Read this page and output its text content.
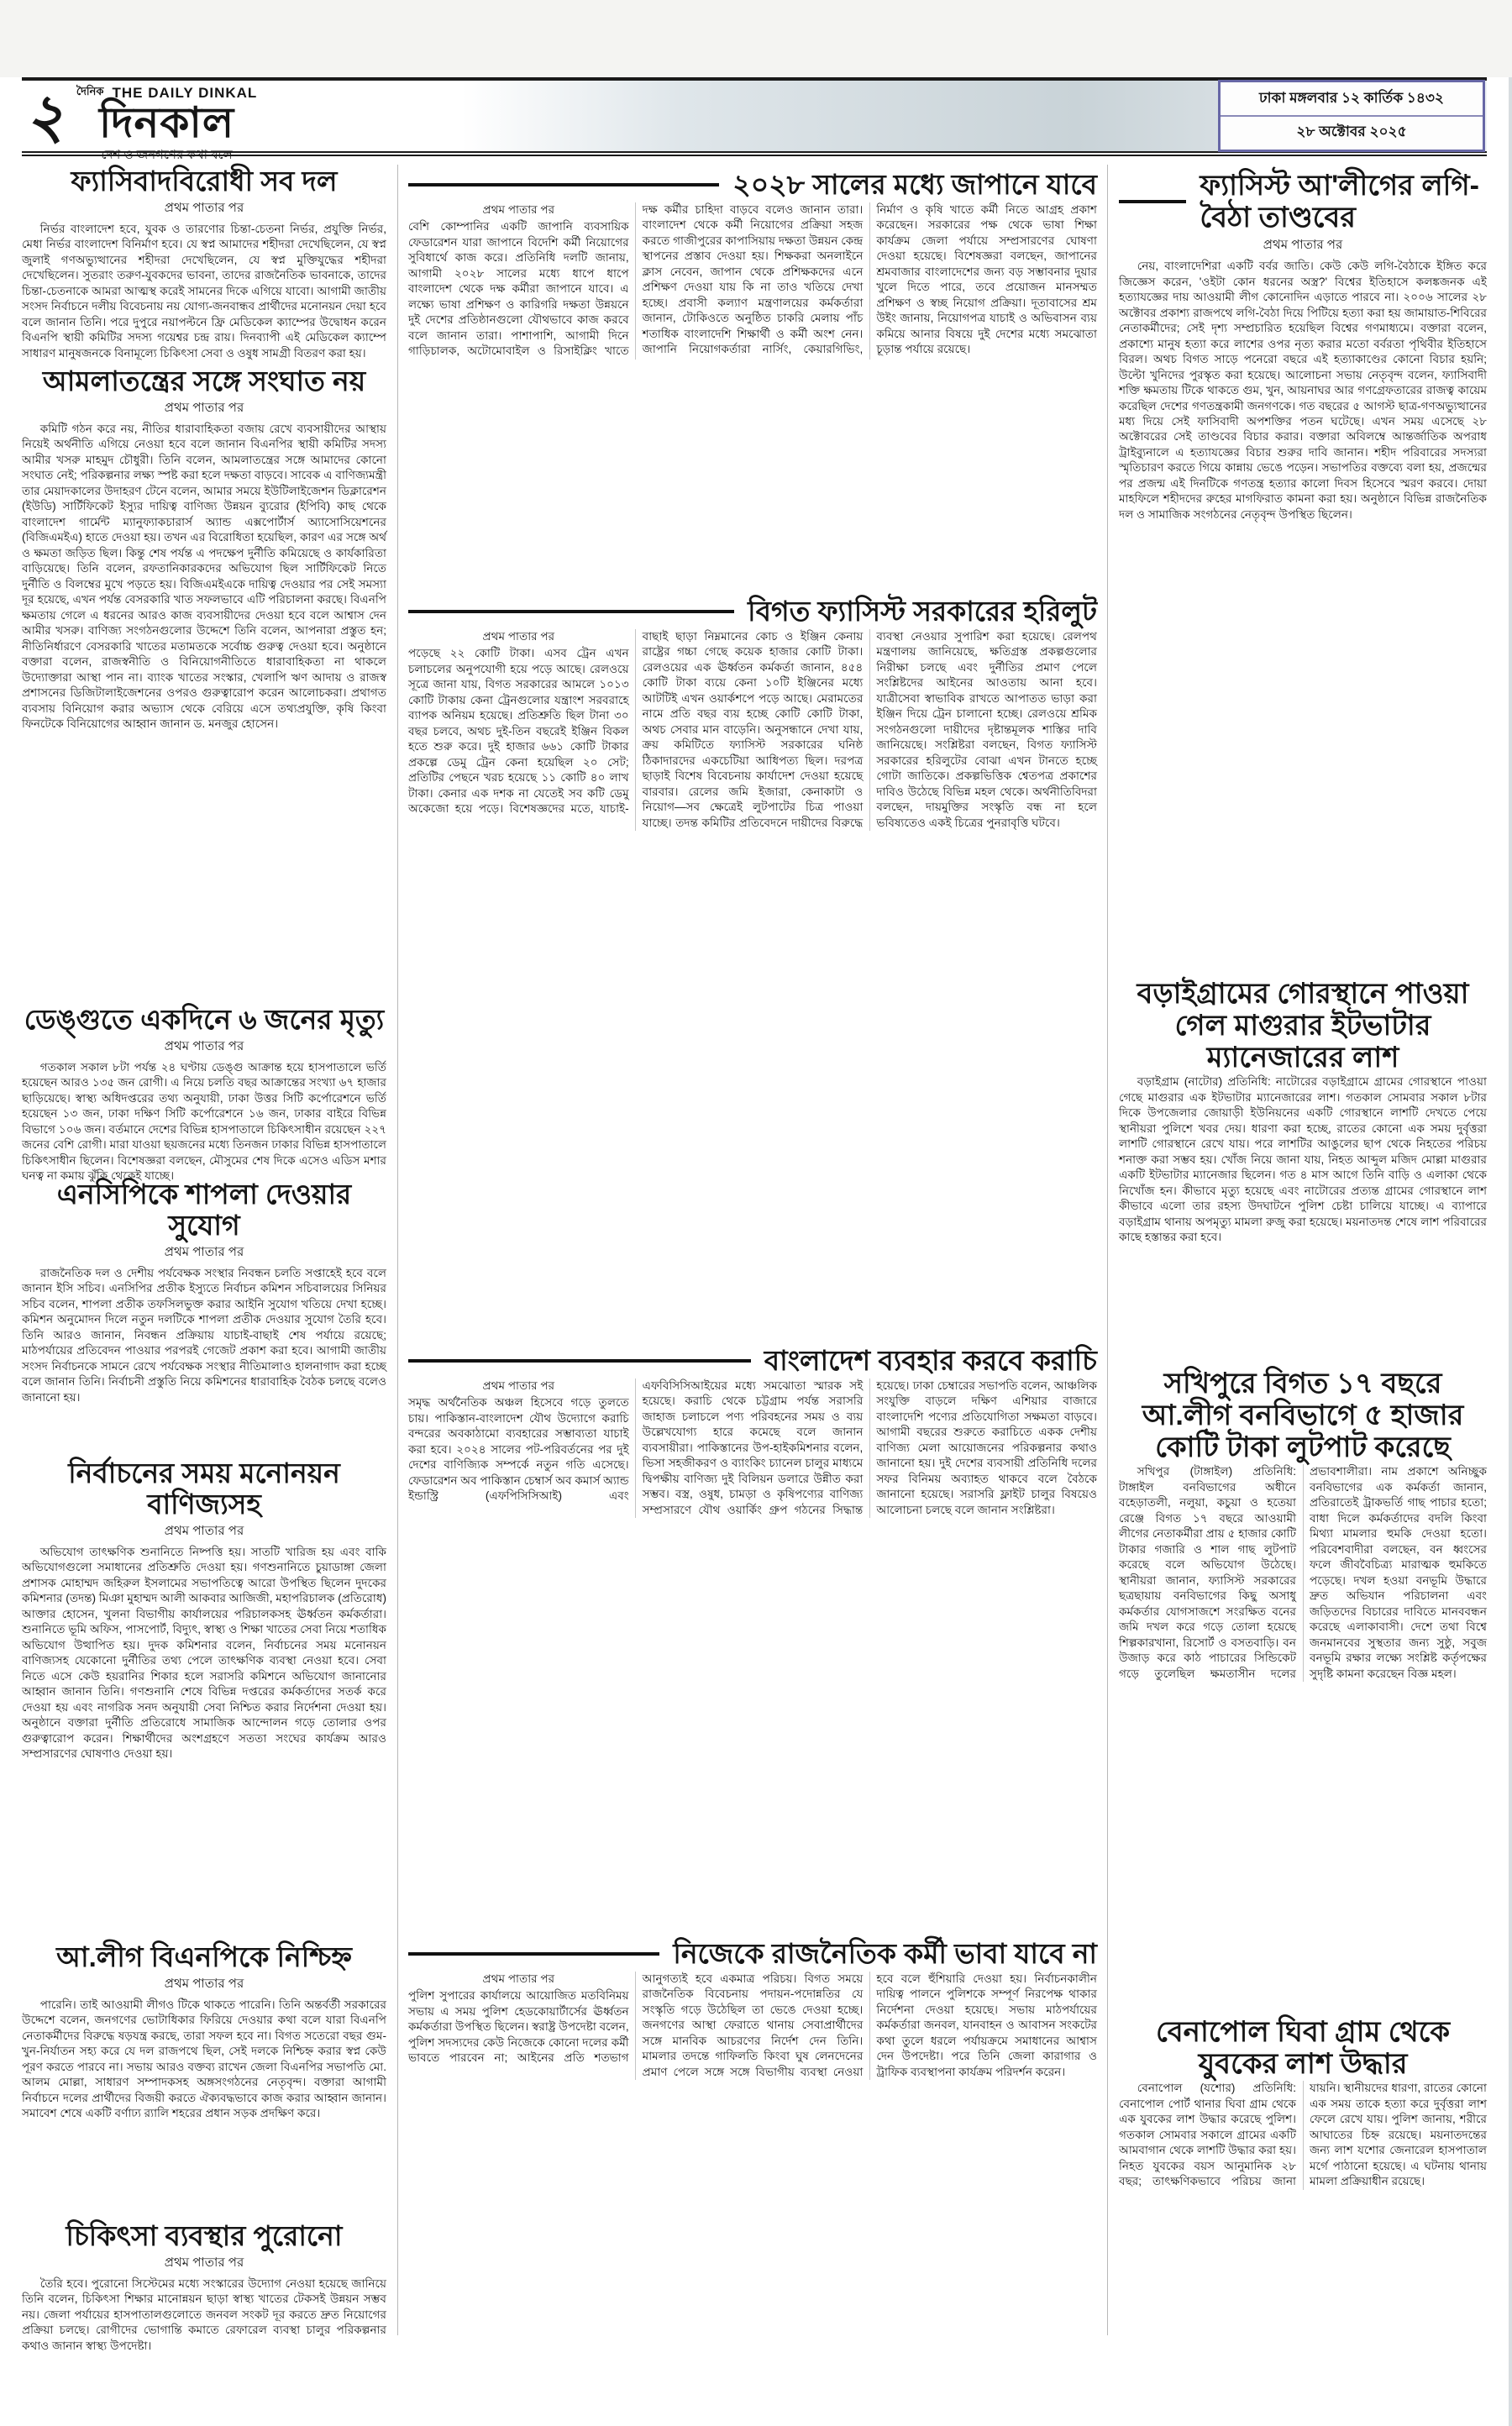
২	দৈনিক THE DAILY DINKAL
দিনকাল
দেশ ও জনগণের কথা বলে
ঢাকা মঙ্গলবার ১২ কার্তিক ১৪৩২
২৮ অক্টোবর ২০২৫
ফ্যাসিবাদবিরোধী সব দল
প্রথম পাতার পর
নির্ভর বাংলাদেশ হবে, যুবক ও তারণোর চিন্তা-চেতনা নির্ভর, প্রযুক্তি নির্ভর, মেধা নির্ভর বাংলাদেশ বিনির্মাণ হবে। যে স্বপ্ন আমাদের শহীদরা দেখেছিলেন, যে স্বপ্ন জুলাই গণঅভ্যুত্থানের শহীদরা দেখেছিলেন, যে স্বপ্ন মুক্তিযুদ্ধের শহীদরা দেখেছিলেন। সুতরাং তরুণ-যুবকদের ভাবনা, তাদের রাজনৈতিক ভাবনাকে, তাদের চিন্তা-চেতনাকে আমরা আত্মস্থ করেই সামনের দিকে এগিয়ে যাবো। আগামী জাতীয় সংসদ নির্বাচনে দলীয় বিবেচনায় নয় যোগ্য-জনবান্ধব প্রার্থীদের মনোনয়ন দেয়া হবে বলে জানান তিনি। পরে দুপুরে নয়াপল্টনে ফ্রি মেডিকেল ক্যাম্পের উদ্বোধন করেন বিএনপি স্থায়ী কমিটির সদস্য গয়েশ্বর চন্দ্র রায়। দিনব্যাপী এই মেডিকেল ক্যাম্পে সাধারণ মানুষজনকে বিনামূল্যে চিকিৎসা সেবা ও ওষুধ সামগ্রী বিতরণ করা হয়।
আমলাতন্ত্রের সঙ্গে সংঘাত নয়
প্রথম পাতার পর
কমিটি গঠন করে নয়, নীতির ধারাবাহিকতা বজায় রেখে ব্যবসায়ীদের আস্থায় নিয়েই অর্থনীতি এগিয়ে নেওয়া হবে বলে জানান বিএনপির স্থায়ী কমিটির সদস্য আমীর খসরু মাহমুদ চৌধুরী। তিনি বলেন, আমলাতন্ত্রের সঙ্গে আমাদের কোনো সংঘাত নেই; পরিকল্পনার লক্ষ্য স্পষ্ট করা হলে দক্ষতা বাড়বে। সাবেক এ বাণিজ্যমন্ত্রী তার মেয়াদকালের উদাহরণ টেনে বলেন, আমার সময়ে ইউটিলাইজেশন ডিক্লারেশন (ইউডি) সার্টিফিকেট ইস্যুর দায়িত্ব বাণিজ্য উন্নয়ন ব্যুরোর (ইপিবি) কাছ থেকে বাংলাদেশ গার্মেন্ট ম্যানুফ্যাকচারার্স অ্যান্ড এক্সপোর্টার্স অ্যাসোসিয়েশনের (বিজিএমইএ) হাতে দেওয়া হয়। তখন এর বিরোধিতা হয়েছিল, কারণ এর সঙ্গে অর্থ ও ক্ষমতা জড়িত ছিল। কিন্তু শেষ পর্যন্ত এ পদক্ষেপ দুর্নীতি কমিয়েছে ও কার্যকারিতা বাড়িয়েছে। তিনি বলেন, রফতানিকারকদের অভিযোগ ছিল সার্টিফিকেট নিতে দুর্নীতি ও বিলম্বের মুখে পড়তে হয়। বিজিএমইএকে দায়িত্ব দেওয়ার পর সেই সমস্যা দূর হয়েছে, এখন পর্যন্ত বেসরকারি খাত সফলভাবে এটি পরিচালনা করছে। বিএনপি ক্ষমতায় গেলে এ ধরনের আরও কাজ ব্যবসায়ীদের দেওয়া হবে বলে আশ্বাস দেন আমীর খসরু। বাণিজ্য সংগঠনগুলোর উদ্দেশে তিনি বলেন, আপনারা প্রস্তুত হন; নীতিনির্ধারণে বেসরকারি খাতের মতামতকে সর্বোচ্চ গুরুত্ব দেওয়া হবে। অনুষ্ঠানে বক্তারা বলেন, রাজস্বনীতি ও বিনিয়োগনীতিতে ধারাবাহিকতা না থাকলে উদ্যোক্তারা আস্থা পান না। ব্যাংক খাতের সংস্কার, খেলাপি ঋণ আদায় ও রাজস্ব প্রশাসনের ডিজিটালাইজেশনের ওপরও গুরুত্বারোপ করেন আলোচকরা। প্রথাগত ব্যবসায় বিনিয়োগ করার অভ্যাস থেকে বেরিয়ে এসে তথ্যপ্রযুক্তি, কৃষি কিংবা ফিনটেকে বিনিয়োগের আহ্বান জানান ড. মনজুর হোসেন।
ডেঙ্গুতে একদিনে ৬ জনের মৃত্যু
প্রথম পাতার পর
গতকাল সকাল ৮টা পর্যন্ত ২৪ ঘণ্টায় ডেঙ্গু আক্রান্ত হয়ে হাসপাতালে ভর্তি হয়েছেন আরও ১৩৫ জন রোগী। এ নিয়ে চলতি বছর আক্রান্তের সংখ্যা ৬৭ হাজার ছাড়িয়েছে। স্বাস্থ্য অধিদপ্তরের তথ্য অনুযায়ী, ঢাকা উত্তর সিটি কর্পোরেশনে ভর্তি হয়েছেন ১৩ জন, ঢাকা দক্ষিণ সিটি কর্পোরেশনে ১৬ জন, ঢাকার বাইরে বিভিন্ন বিভাগে ১০৬ জন। বর্তমানে দেশের বিভিন্ন হাসপাতালে চিকিৎসাধীন রয়েছেন ২২৭ জনের বেশি রোগী। মারা যাওয়া ছয়জনের মধ্যে তিনজন ঢাকার বিভিন্ন হাসপাতালে চিকিৎসাধীন ছিলেন। বিশেষজ্ঞরা বলছেন, মৌসুমের শেষ দিকে এসেও এডিস মশার ঘনত্ব না কমায় ঝুঁকি থেকেই যাচ্ছে।
এনসিপিকে শাপলা দেওয়ার সুযোগ
প্রথম পাতার পর
রাজনৈতিক দল ও দেশীয় পর্যবেক্ষক সংস্থার নিবন্ধন চলতি সপ্তাহেই হবে বলে জানান ইসি সচিব। এনসিপির প্রতীক ইস্যুতে নির্বাচন কমিশন সচিবালয়ের সিনিয়র সচিব বলেন, শাপলা প্রতীক তফসিলভুক্ত করার আইনি সুযোগ খতিয়ে দেখা হচ্ছে। কমিশন অনুমোদন দিলে নতুন দলটিকে শাপলা প্রতীক দেওয়ার সুযোগ তৈরি হবে। তিনি আরও জানান, নিবন্ধন প্রক্রিয়ায় যাচাই-বাছাই শেষ পর্যায়ে রয়েছে; মাঠপর্যায়ের প্রতিবেদন পাওয়ার পরপরই গেজেট প্রকাশ করা হবে। আগামী জাতীয় সংসদ নির্বাচনকে সামনে রেখে পর্যবেক্ষক সংস্থার নীতিমালাও হালনাগাদ করা হচ্ছে বলে জানান তিনি। নির্বাচনী প্রস্তুতি নিয়ে কমিশনের ধারাবাহিক বৈঠক চলছে বলেও জানানো হয়।
নির্বাচনের সময় মনোনয়ন বাণিজ্যসহ
প্রথম পাতার পর
অভিযোগ তাৎক্ষণিক শুনানিতে নিষ্পত্তি হয়। সাতটি খারিজ হয় এবং বাকি অভিযোগগুলো সমাধানের প্রতিশ্রুতি দেওয়া হয়। গণশুনানিতে চুয়াডাঙ্গা জেলা প্রশাসক মোহাম্মদ জহিরুল ইসলামের সভাপতিত্বে আরো উপস্থিত ছিলেন দুদকের কমিশনার (তদন্ত) মিঞা মুহাম্মদ আলী আকবার আজিজী, মহাপরিচালক (প্রতিরোধ) আক্তার হোসেন, খুলনা বিভাগীয় কার্যালয়ের পরিচালকসহ ঊর্ধ্বতন কর্মকর্তারা। শুনানিতে ভূমি অফিস, পাসপোর্ট, বিদ্যুৎ, স্বাস্থ্য ও শিক্ষা খাতের সেবা নিয়ে শতাধিক অভিযোগ উত্থাপিত হয়। দুদক কমিশনার বলেন, নির্বাচনের সময় মনোনয়ন বাণিজ্যসহ যেকোনো দুর্নীতির তথ্য পেলে তাৎক্ষণিক ব্যবস্থা নেওয়া হবে। সেবা নিতে এসে কেউ হয়রানির শিকার হলে সরাসরি কমিশনে অভিযোগ জানানোর আহ্বান জানান তিনি। গণশুনানি শেষে বিভিন্ন দপ্তরের কর্মকর্তাদের সতর্ক করে দেওয়া হয় এবং নাগরিক সনদ অনুযায়ী সেবা নিশ্চিত করার নির্দেশনা দেওয়া হয়। অনুষ্ঠানে বক্তারা দুর্নীতি প্রতিরোধে সামাজিক আন্দোলন গড়ে তোলার ওপর গুরুত্বারোপ করেন। শিক্ষার্থীদের অংশগ্রহণে সততা সংঘের কার্যক্রম আরও সম্প্রসারণের ঘোষণাও দেওয়া হয়।
আ.লীগ বিএনপিকে নিশ্চিহ্ন
প্রথম পাতার পর
পারেনি। তাই আওয়ামী লীগও টিকে থাকতে পারেনি। তিনি অন্তর্বর্তী সরকারের উদ্দেশে বলেন, জনগণের ভোটাধিকার ফিরিয়ে দেওয়ার কথা বলে যারা বিএনপি নেতাকর্মীদের বিরুদ্ধে ষড়যন্ত্র করছে, তারা সফল হবে না। বিগত সতেরো বছর গুম-খুন-নির্যাতন সহ্য করে যে দল রাজপথে ছিল, সেই দলকে নিশ্চিহ্ন করার স্বপ্ন কেউ পূরণ করতে পারবে না। সভায় আরও বক্তব্য রাখেন জেলা বিএনপির সভাপতি মো. আলম মোল্লা, সাধারণ সম্পাদকসহ অঙ্গসংগঠনের নেতৃবৃন্দ। বক্তারা আগামী নির্বাচনে দলের প্রার্থীদের বিজয়ী করতে ঐক্যবদ্ধভাবে কাজ করার আহ্বান জানান। সমাবেশ শেষে একটি বর্ণাঢ্য র‌্যালি শহরের প্রধান সড়ক প্রদক্ষিণ করে।
চিকিৎসা ব্যবস্থার পুরোনো
প্রথম পাতার পর
তৈরি হবে। পুরোনো সিস্টেমের মধ্যে সংস্কারের উদ্যোগ নেওয়া হয়েছে জানিয়ে তিনি বলেন, চিকিৎসা শিক্ষার মানোন্নয়ন ছাড়া স্বাস্থ্য খাতের টেকসই উন্নয়ন সম্ভব নয়। জেলা পর্যায়ের হাসপাতালগুলোতে জনবল সংকট দূর করতে দ্রুত নিয়োগের প্রক্রিয়া চলছে। রোগীদের ভোগান্তি কমাতে রেফারেল ব্যবস্থা চালুর পরিকল্পনার কথাও জানান স্বাস্থ্য উপদেষ্টা।
২০২৮ সালের মধ্যে জাপানে যাবে
প্রথম পাতার পর
বেশি কোম্পানির একটি জাপানি ব্যবসায়িক ফেডারেশন যারা জাপানে বিদেশি কর্মী নিয়োগের সুবিধার্থে কাজ করে। প্রতিনিধি দলটি জানায়, আগামী ২০২৮ সালের মধ্যে ধাপে ধাপে বাংলাদেশ থেকে দক্ষ কর্মীরা জাপানে যাবে। এ লক্ষ্যে ভাষা প্রশিক্ষণ ও কারিগরি দক্ষতা উন্নয়নে দুই দেশের প্রতিষ্ঠানগুলো যৌথভাবে কাজ করবে বলে জানান তারা। পাশাপাশি, আগামী দিনে গাড়িচালক, অটোমোবাইল ও রিসাইক্লিং খাতে দক্ষ কর্মীর চাহিদা বাড়বে বলেও জানান তারা। বাংলাদেশ থেকে কর্মী নিয়োগের প্রক্রিয়া সহজ করতে গাজীপুরের কাপাসিয়ায় দক্ষতা উন্নয়ন কেন্দ্র স্থাপনের প্রস্তাব দেওয়া হয়। শিক্ষকরা অনলাইনে ক্লাস নেবেন, জাপান থেকে প্রশিক্ষকদের এনে প্রশিক্ষণ দেওয়া যায় কি না তাও খতিয়ে দেখা হচ্ছে। প্রবাসী কল্যাণ মন্ত্রণালয়ের কর্মকর্তারা জানান, টোকিওতে অনুষ্ঠিত চাকরি মেলায় পাঁচ শতাধিক বাংলাদেশি শিক্ষার্থী ও কর্মী অংশ নেন। জাপানি নিয়োগকর্তারা নার্সিং, কেয়ারগিভিং, নির্মাণ ও কৃষি খাতে কর্মী নিতে আগ্রহ প্রকাশ করেছেন। সরকারের পক্ষ থেকে ভাষা শিক্ষা কার্যক্রম জেলা পর্যায়ে সম্প্রসারণের ঘোষণা দেওয়া হয়েছে। বিশেষজ্ঞরা বলছেন, জাপানের শ্রমবাজার বাংলাদেশের জন্য বড় সম্ভাবনার দুয়ার খুলে দিতে পারে, তবে প্রয়োজন মানসম্মত প্রশিক্ষণ ও স্বচ্ছ নিয়োগ প্রক্রিয়া। দূতাবাসের শ্রম উইং জানায়, নিয়োগপত্র যাচাই ও অভিবাসন ব্যয় কমিয়ে আনার বিষয়ে দুই দেশের মধ্যে সমঝোতা চূড়ান্ত পর্যায়ে রয়েছে।
বিগত ফ্যাসিস্ট সরকারের হরিলুট
প্রথম পাতার পর
পড়েছে ২২ কোটি টাকা। এসব ট্রেন এখন চলাচলের অনুপযোগী হয়ে পড়ে আছে। রেলওয়ে সূত্রে জানা যায়, বিগত সরকারের আমলে ১০১৩ কোটি টাকায় কেনা ট্রেনগুলোর যন্ত্রাংশ সরবরাহে ব্যাপক অনিয়ম হয়েছে। প্রতিশ্রুতি ছিল টানা ৩০ বছর চলবে, অথচ দুই-তিন বছরেই ইঞ্জিন বিকল হতে শুরু করে। দুই হাজার ৬৬১ কোটি টাকার প্রকল্পে ডেমু ট্রেন কেনা হয়েছিল ২০ সেট; প্রতিটির পেছনে খরচ হয়েছে ১১ কোটি ৪০ লাখ টাকা। কেনার এক দশক না যেতেই সব কটি ডেমু অকেজো হয়ে পড়ে। বিশেষজ্ঞদের মতে, যাচাই-বাছাই ছাড়া নিম্নমানের কোচ ও ইঞ্জিন কেনায় রাষ্ট্রের গচ্চা গেছে কয়েক হাজার কোটি টাকা। রেলওয়ের এক ঊর্ধ্বতন কর্মকর্তা জানান, ৪৫৪ কোটি টাকা ব্যয়ে কেনা ১০টি ইঞ্জিনের মধ্যে আটটিই এখন ওয়ার্কশপে পড়ে আছে। মেরামতের নামে প্রতি বছর ব্যয় হচ্ছে কোটি কোটি টাকা, অথচ সেবার মান বাড়েনি। অনুসন্ধানে দেখা যায়, ক্রয় কমিটিতে ফ্যাসিস্ট সরকারের ঘনিষ্ঠ ঠিকাদারদের একচেটিয়া আধিপত্য ছিল। দরপত্র ছাড়াই বিশেষ বিবেচনায় কার্যাদেশ দেওয়া হয়েছে বারবার। রেলের জমি ইজারা, কেনাকাটা ও নিয়োগ—সব ক্ষেত্রেই লুটপাটের চিত্র পাওয়া যাচ্ছে। তদন্ত কমিটির প্রতিবেদনে দায়ীদের বিরুদ্ধে ব্যবস্থা নেওয়ার সুপারিশ করা হয়েছে। রেলপথ মন্ত্রণালয় জানিয়েছে, ক্ষতিগ্রস্ত প্রকল্পগুলোর নিরীক্ষা চলছে এবং দুর্নীতির প্রমাণ পেলে সংশ্লিষ্টদের আইনের আওতায় আনা হবে। যাত্রীসেবা স্বাভাবিক রাখতে আপাতত ভাড়া করা ইঞ্জিন দিয়ে ট্রেন চালানো হচ্ছে। রেলওয়ে শ্রমিক সংগঠনগুলো দায়ীদের দৃষ্টান্তমূলক শাস্তির দাবি জানিয়েছে। সংশ্লিষ্টরা বলছেন, বিগত ফ্যাসিস্ট সরকারের হরিলুটের বোঝা এখন টানতে হচ্ছে গোটা জাতিকে। প্রকল্পভিত্তিক শ্বেতপত্র প্রকাশের দাবিও উঠেছে বিভিন্ন মহল থেকে। অর্থনীতিবিদরা বলছেন, দায়মুক্তির সংস্কৃতি বন্ধ না হলে ভবিষ্যতেও একই চিত্রের পুনরাবৃত্তি ঘটবে।
বাংলাদেশ ব্যবহার করবে করাচি
প্রথম পাতার পর
সমৃদ্ধ অর্থনৈতিক অঞ্চল হিসেবে গড়ে তুলতে চায়। পাকিস্তান-বাংলাদেশ যৌথ উদ্যোগে করাচি বন্দরের অবকাঠামো ব্যবহারের সম্ভাব্যতা যাচাই করা হবে। ২০২৪ সালের পট-পরিবর্তনের পর দুই দেশের বাণিজ্যিক সম্পর্কে নতুন গতি এসেছে। ফেডারেশন অব পাকিস্তান চেম্বার্স অব কমার্স অ্যান্ড ইন্ডাস্ট্রি (এফপিসিসিআই) এবং এফবিসিসিআইয়ের মধ্যে সমঝোতা স্মারক সই হয়েছে। করাচি থেকে চট্টগ্রাম পর্যন্ত সরাসরি জাহাজ চলাচলে পণ্য পরিবহনের সময় ও ব্যয় উল্লেখযোগ্য হারে কমেছে বলে জানান ব্যবসায়ীরা। পাকিস্তানের উপ-হাইকমিশনার বলেন, ভিসা সহজীকরণ ও ব্যাংকিং চ্যানেল চালুর মাধ্যমে দ্বিপক্ষীয় বাণিজ্য দুই বিলিয়ন ডলারে উন্নীত করা সম্ভব। বস্ত্র, ওষুধ, চামড়া ও কৃষিপণ্যের বাণিজ্য সম্প্রসারণে যৌথ ওয়ার্কিং গ্রুপ গঠনের সিদ্ধান্ত হয়েছে। ঢাকা চেম্বারের সভাপতি বলেন, আঞ্চলিক সংযুক্তি বাড়লে দক্ষিণ এশিয়ার বাজারে বাংলাদেশি পণ্যের প্রতিযোগিতা সক্ষমতা বাড়বে। আগামী বছরের শুরুতে করাচিতে একক দেশীয় বাণিজ্য মেলা আয়োজনের পরিকল্পনার কথাও জানানো হয়। দুই দেশের ব্যবসায়ী প্রতিনিধি দলের সফর বিনিময় অব্যাহত থাকবে বলে বৈঠকে জানানো হয়েছে। সরাসরি ফ্লাইট চালুর বিষয়েও আলোচনা চলছে বলে জানান সংশ্লিষ্টরা।
নিজেকে রাজনৈতিক কর্মী ভাবা যাবে না
প্রথম পাতার পর
পুলিশ সুপারের কার্যালয়ে আয়োজিত মতবিনিময় সভায় এ সময় পুলিশ হেডকোয়ার্টার্সের ঊর্ধ্বতন কর্মকর্তারা উপস্থিত ছিলেন। স্বরাষ্ট্র উপদেষ্টা বলেন, পুলিশ সদস্যদের কেউ নিজেকে কোনো দলের কর্মী ভাবতে পারবেন না; আইনের প্রতি শতভাগ আনুগত্যই হবে একমাত্র পরিচয়। বিগত সময়ে রাজনৈতিক বিবেচনায় পদায়ন-পদোন্নতির যে সংস্কৃতি গড়ে উঠেছিল তা ভেঙে দেওয়া হচ্ছে। জনগণের আস্থা ফেরাতে থানায় সেবাপ্রার্থীদের সঙ্গে মানবিক আচরণের নির্দেশ দেন তিনি। মামলার তদন্তে গাফিলতি কিংবা ঘুষ লেনদেনের প্রমাণ পেলে সঙ্গে সঙ্গে বিভাগীয় ব্যবস্থা নেওয়া হবে বলে হুঁশিয়ারি দেওয়া হয়। নির্বাচনকালীন দায়িত্ব পালনে পুলিশকে সম্পূর্ণ নিরপেক্ষ থাকার নির্দেশনা দেওয়া হয়েছে। সভায় মাঠপর্যায়ের কর্মকর্তারা জনবল, যানবাহন ও আবাসন সংকটের কথা তুলে ধরলে পর্যায়ক্রমে সমাধানের আশ্বাস দেন উপদেষ্টা। পরে তিনি জেলা কারাগার ও ট্রাফিক ব্যবস্থাপনা কার্যক্রম পরিদর্শন করেন।
ফ্যাসিস্ট আ'লীগের লগি-বৈঠা তাণ্ডবের
প্রথম পাতার পর
নেয়, বাংলাদেশিরা একটি বর্বর জাতি। কেউ কেউ লগি-বৈঠাকে ইঙ্গিত করে জিজ্ঞেস করেন, 'ওইটা কোন ধরনের অস্ত্র?' বিশ্বের ইতিহাসে কলঙ্কজনক এই হত্যাযজ্ঞের দায় আওয়ামী লীগ কোনোদিন এড়াতে পারবে না। ২০০৬ সালের ২৮ অক্টোবর প্রকাশ্য রাজপথে লগি-বৈঠা দিয়ে পিটিয়ে হত্যা করা হয় জামায়াত-শিবিরের নেতাকর্মীদের; সেই দৃশ্য সম্প্রচারিত হয়েছিল বিশ্বের গণমাধ্যমে। বক্তারা বলেন, প্রকাশ্যে মানুষ হত্যা করে লাশের ওপর নৃত্য করার মতো বর্বরতা পৃথিবীর ইতিহাসে বিরল। অথচ বিগত সাড়ে পনেরো বছরে এই হত্যাকাণ্ডের কোনো বিচার হয়নি; উল্টো খুনিদের পুরস্কৃত করা হয়েছে। আলোচনা সভায় নেতৃবৃন্দ বলেন, ফ্যাসিবাদী শক্তি ক্ষমতায় টিকে থাকতে গুম, খুন, আয়নাঘর আর গণগ্রেফতারের রাজত্ব কায়েম করেছিল দেশের গণতন্ত্রকামী জনগণকে। গত বছরের ৫ আগস্ট ছাত্র-গণঅভ্যুত্থানের মধ্য দিয়ে সেই ফাসিবাদী অপশক্তির পতন ঘটেছে। এখন সময় এসেছে ২৮ অক্টোবরের সেই তাণ্ডবের বিচার করার। বক্তারা অবিলম্বে আন্তর্জাতিক অপরাধ ট্রাইব্যুনালে এ হত্যাযজ্ঞের বিচার শুরুর দাবি জানান। শহীদ পরিবারের সদস্যরা স্মৃতিচারণ করতে গিয়ে কান্নায় ভেঙে পড়েন। সভাপতির বক্তব্যে বলা হয়, প্রজন্মের পর প্রজন্ম এই দিনটিকে গণতন্ত্র হত্যার কালো দিবস হিসেবে স্মরণ করবে। দোয়া মাহফিলে শহীদদের রুহের মাগফিরাত কামনা করা হয়। অনুষ্ঠানে বিভিন্ন রাজনৈতিক দল ও সামাজিক সংগঠনের নেতৃবৃন্দ উপস্থিত ছিলেন।
বড়াইগ্রামের গোরস্থানে পাওয়া গেল মাগুরার ইটভাটার ম্যানেজারের লাশ
বড়াইগ্রাম (নাটোর) প্রতিনিধি: নাটোরের বড়াইগ্রামে গ্রামের গোরস্থানে পাওয়া গেছে মাগুরার এক ইটভাটার ম্যানেজারের লাশ। গতকাল সোমবার সকাল ৮টার দিকে উপজেলার জোয়াড়ী ইউনিয়নের একটি গোরস্থানে লাশটি দেখতে পেয়ে স্থানীয়রা পুলিশে খবর দেয়। ধারণা করা হচ্ছে, রাতের কোনো এক সময় দুর্বৃত্তরা লাশটি গোরস্থানে রেখে যায়। পরে লাশটির আঙুলের ছাপ থেকে নিহতের পরিচয় শনাক্ত করা সম্ভব হয়। খোঁজ নিয়ে জানা যায়, নিহত আব্দুল মজিদ মোল্লা মাগুরার একটি ইটভাটার ম্যানেজার ছিলেন। গত ৪ মাস আগে তিনি বাড়ি ও এলাকা থেকে নিখোঁজ হন। কীভাবে মৃত্যু হয়েছে এবং নাটোরের প্রত্যন্ত গ্রামের গোরস্থানে লাশ কীভাবে এলো তার রহস্য উদঘাটনে পুলিশ চেষ্টা চালিয়ে যাচ্ছে। এ ব্যাপারে বড়াইগ্রাম থানায় অপমৃত্যু মামলা রুজু করা হয়েছে। ময়নাতদন্ত শেষে লাশ পরিবারের কাছে হস্তান্তর করা হবে।
সখিপুরে বিগত ১৭ বছরে আ.লীগ বনবিভাগে ৫ হাজার কোটি টাকা লুটপাট করেছে
সখিপুর (টাঙ্গাইল) প্রতিনিধি: টাঙ্গাইল বনবিভাগের অধীনে বহেড়াতলী, নলুয়া, কচুয়া ও হতেয়া রেঞ্জে বিগত ১৭ বছরে আওয়ামী লীগের নেতাকর্মীরা প্রায় ৫ হাজার কোটি টাকার গজারি ও শাল গাছ লুটপাট করেছে বলে অভিযোগ উঠেছে। স্থানীয়রা জানান, ফ্যাসিস্ট সরকারের ছত্রছায়ায় বনবিভাগের কিছু অসাধু কর্মকর্তার যোগসাজশে সংরক্ষিত বনের জমি দখল করে গড়ে তোলা হয়েছে শিল্পকারখানা, রিসোর্ট ও বসতবাড়ি। বন উজাড় করে কাঠ পাচারের সিন্ডিকেট গড়ে তুলেছিল ক্ষমতাসীন দলের প্রভাবশালীরা। নাম প্রকাশে অনিচ্ছুক বনবিভাগের এক কর্মকর্তা জানান, প্রতিরাতেই ট্রাকভর্তি গাছ পাচার হতো; বাধা দিলে কর্মকর্তাদের বদলি কিংবা মিথ্যা মামলার হুমকি দেওয়া হতো। পরিবেশবাদীরা বলছেন, বন ধ্বংসের ফলে জীববৈচিত্র্য মারাত্মক হুমকিতে পড়েছে। দখল হওয়া বনভূমি উদ্ধারে দ্রুত অভিযান পরিচালনা এবং জড়িতদের বিচারের দাবিতে মানববন্ধন করেছে এলাকাবাসী। দেশে তথা বিশ্বে জনমানবের সুস্থতার জন্য সুষ্ঠু, সবুজ বনভূমি রক্ষার লক্ষ্যে সংশ্লিষ্ট কর্তৃপক্ষের সুদৃষ্টি কামনা করেছেন বিজ্ঞ মহল।
বেনাপোল ঘিবা গ্রাম থেকে যুবকের লাশ উদ্ধার
বেনাপোল (যশোর) প্রতিনিধি: বেনাপোল পোর্ট থানার ঘিবা গ্রাম থেকে এক যুবকের লাশ উদ্ধার করেছে পুলিশ। গতকাল সোমবার সকালে গ্রামের একটি আমবাগান থেকে লাশটি উদ্ধার করা হয়। নিহত যুবকের বয়স আনুমানিক ২৮ বছর; তাৎক্ষণিকভাবে পরিচয় জানা যায়নি। স্থানীয়দের ধারণা, রাতের কোনো এক সময় তাকে হত্যা করে দুর্বৃত্তরা লাশ ফেলে রেখে যায়। পুলিশ জানায়, শরীরে আঘাতের চিহ্ন রয়েছে। ময়নাতদন্তের জন্য লাশ যশোর জেনারেল হাসপাতাল মর্গে পাঠানো হয়েছে। এ ঘটনায় থানায় মামলা প্রক্রিয়াধীন রয়েছে।
